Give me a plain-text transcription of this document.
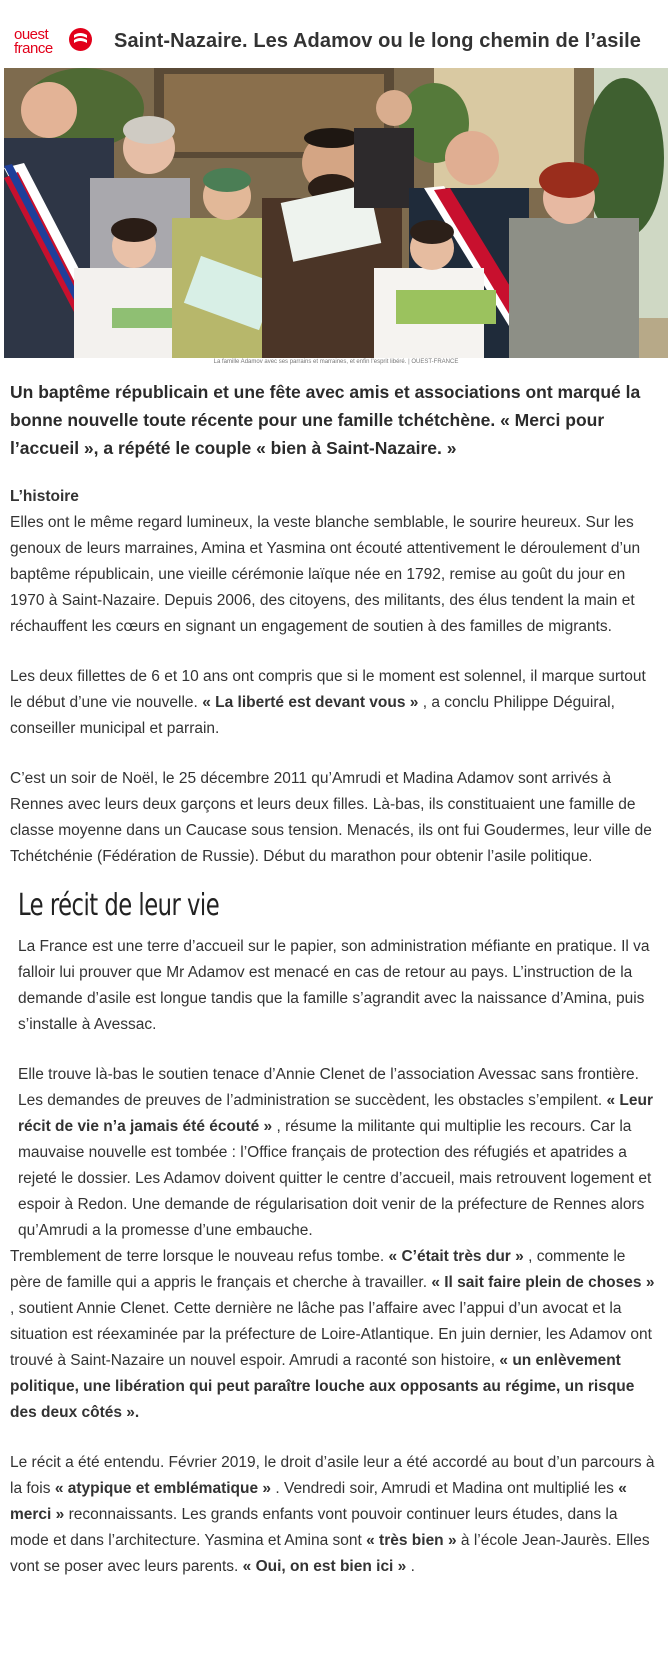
ouest
france	Saint-Nazaire. Les Adamov ou le long chemin de l’asile
La famille Adamov avec ses parrains et marraines, et enfin l’esprit libéré. | OUEST-FRANCE
Un baptême républicain et une fête avec amis et associations ont marqué la bonne nouvelle toute récente pour une famille tchétchène. « Merci pour l’accueil », a répété le couple « bien à Saint-Nazaire. »

L’histoire

Elles ont le même regard lumineux, la veste blanche semblable, le sourire heureux. Sur les genoux de leurs marraines, Amina et Yasmina ont écouté attentivement le déroulement d’un baptême républicain, une vieille cérémonie laïque née en 1792, remise au goût du jour en 1970 à Saint-Nazaire. Depuis 2006, des citoyens, des militants, des élus tendent la main et réchauffent les cœurs en signant un engagement de soutien à des familles de migrants.

Les deux fillettes de 6 et 10 ans ont compris que si le moment est solennel, il marque surtout le début d’une vie nouvelle. « La liberté est devant vous » , a conclu Philippe Déguiral, conseiller municipal et parrain.

C’est un soir de Noël, le 25 décembre 2011 qu’Amrudi et Madina Adamov sont arrivés à Rennes avec leurs deux garçons et leurs deux filles. Là-bas, ils constituaient une famille de classe moyenne dans un Caucase sous tension. Menacés, ils ont fui Goudermes, leur ville de Tchétchénie (Fédération de Russie). Début du marathon pour obtenir l’asile politique.

Le récit de leur vie

La France est une terre d’accueil sur le papier, son administration méfiante en pratique. Il va falloir lui prouver que Mr Adamov est menacé en cas de retour au pays. L’instruction de la demande d’asile est longue tandis que la famille s’agrandit avec la naissance d’Amina, puis s’installe à Avessac.

Elle trouve là-bas le soutien tenace d’Annie Clenet de l’association Avessac sans frontière. Les demandes de preuves de l’administration se succèdent, les obstacles s’empilent. « Leur récit de vie n’a jamais été écouté » , résume la militante qui multiplie les recours. Car la mauvaise nouvelle est tombée : l’Office français de protection des réfugiés et apatrides a rejeté le dossier. Les Adamov doivent quitter le centre d’accueil, mais retrouvent logement et espoir à Redon. Une demande de régularisation doit venir de la préfecture de Rennes alors qu’Amrudi a la promesse d’une embauche.

Tremblement de terre lorsque le nouveau refus tombe. « C’était très dur » , commente le père de famille qui a appris le français et cherche à travailler. « Il sait faire plein de choses » , soutient Annie Clenet. Cette dernière ne lâche pas l’affaire avec l’appui d’un avocat et la situation est réexaminée par la préfecture de Loire-Atlantique. En juin dernier, les Adamov ont trouvé à Saint-Nazaire un nouvel espoir. Amrudi a raconté son histoire, « un enlèvement politique, une libération qui peut paraître louche aux opposants au régime, un risque des deux côtés ».

Le récit a été entendu. Février 2019, le droit d’asile leur a été accordé au bout d’un parcours à la fois « atypique et emblématique » . Vendredi soir, Amrudi et Madina ont multiplié les « merci » reconnaissants. Les grands enfants vont pouvoir continuer leurs études, dans la mode et dans l’architecture. Yasmina et Amina sont « très bien » à l’école Jean-Jaurès. Elles vont se poser avec leurs parents. « Oui, on est bien ici » .
